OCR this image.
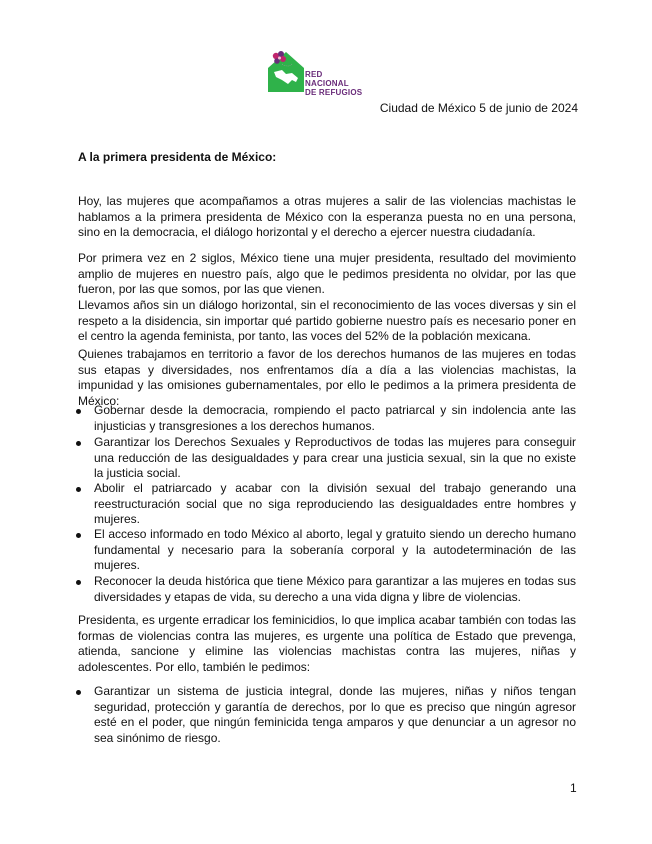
RED
NACIONAL
DE REFUGIOS
Ciudad de México 5 de junio de 2024
A la primera presidenta de México:

Hoy, las mujeres que acompañamos a otras mujeres a salir de las violencias machistas le hablamos a la primera presidenta de México con la esperanza puesta no en una persona, sino en la democracia, el diálogo horizontal y el derecho a ejercer nuestra ciudadanía.

Por primera vez en 2 siglos, México tiene una mujer presidenta, resultado del movimiento amplio de mujeres en nuestro país, algo que le pedimos presidenta no olvidar, por las que fueron, por las que somos, por las que vienen.

Llevamos años sin un diálogo horizontal, sin el reconocimiento de las voces diversas y sin el respeto a la disidencia, sin importar qué partido gobierne nuestro país es necesario poner en el centro la agenda feminista, por tanto, las voces del 52% de la población mexicana.

Quienes trabajamos en territorio a favor de los derechos humanos de las mujeres en todas sus etapas y diversidades, nos enfrentamos día a día a las violencias machistas, la impunidad y las omisiones gubernamentales, por ello le pedimos a la primera presidenta de México:

Gobernar desde la democracia, rompiendo el pacto patriarcal y sin indolencia ante las injusticias y transgresiones a los derechos humanos.
Garantizar los Derechos Sexuales y Reproductivos de todas las mujeres para conseguir una reducción de las desigualdades y para crear una justicia sexual, sin la que no existe la justicia social.
Abolir el patriarcado y acabar con la división sexual del trabajo generando una reestructuración social que no siga reproduciendo las desigualdades entre hombres y mujeres.
El acceso informado en todo México al aborto, legal y gratuito siendo un derecho humano fundamental y necesario para la soberanía corporal y la autodeterminación de las mujeres.
Reconocer la deuda histórica que tiene México para garantizar a las mujeres en todas sus diversidades y etapas de vida, su derecho a una vida digna y libre de violencias.

Presidenta, es urgente erradicar los feminicidios, lo que implica acabar también con todas las formas de violencias contra las mujeres, es urgente una política de Estado que prevenga, atienda, sancione y elimine las violencias machistas contra las mujeres, niñas y adolescentes. Por ello, también le pedimos:

Garantizar un sistema de justicia integral, donde las mujeres, niñas y niños tengan seguridad, protección y garantía de derechos, por lo que es preciso que ningún agresor esté en el poder, que ningún feminicida tenga amparos y que denunciar a un agresor no sea sinónimo de riesgo.
1
